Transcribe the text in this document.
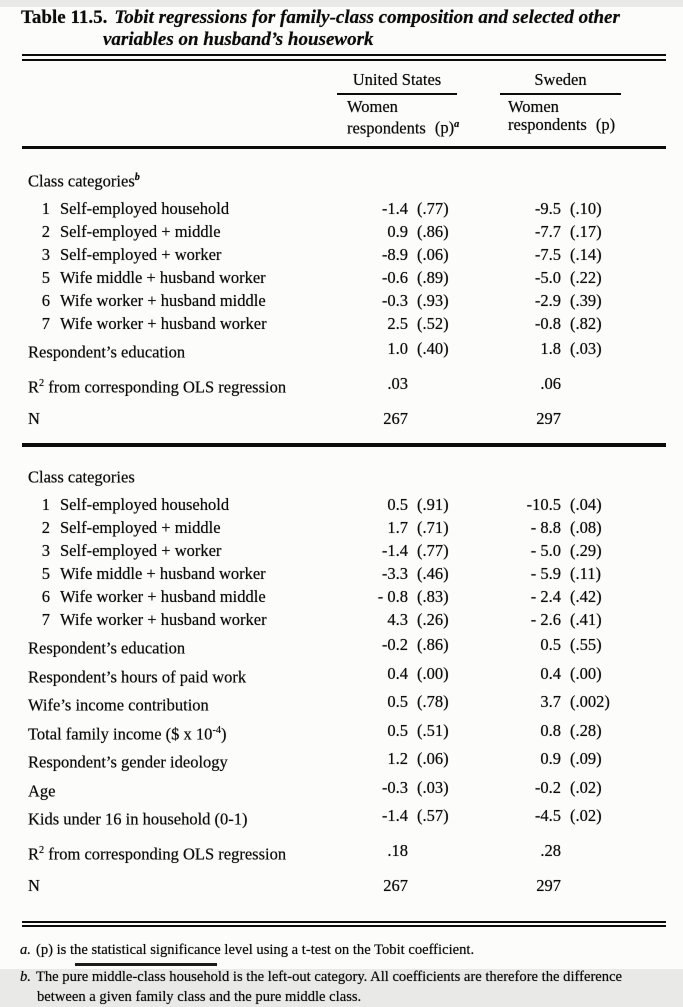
Table 11.5. Tobit regressions for family-class composition and selected other
variables on husband’s housework
United States
Women
respondents $(p)^a$
Sweden
Women
respondents (p)
Class categories$^b$
1 Self-employed household	-1.4 (.77)	-9.5 (.10)
2 Self-employed + middle	0.9 (.86)	-7.7 (.17)
3 Self-employed + worker	-8.9 (.06)	-7.5 (.14)
5 Wife middle + husband worker	-0.6 (.89)	-5.0 (.22)
6 Wife worker + husband middle	-0.3 (.93)	-2.9 (.39)
7 Wife worker + husband worker	2.5 (.52)	-0.8 (.82)
Respondent’s education	1.0 (.40)	1.8 (.03)
$R^2$ from corresponding OLS regression	.03	.06
N	267	297
Class categories
1 Self-employed household	0.5 (.91)	-10.5 (.04)
2 Self-employed + middle	1.7 (.71)	- 8.8 (.08)
3 Self-employed + worker	-1.4 (.77)	- 5.0 (.29)
5 Wife middle + husband worker	-3.3 (.46)	- 5.9 (.11)
6 Wife worker + husband middle	- 0.8 (.83)	- 2.4 (.42)
7 Wife worker + husband worker	4.3 (.26)	- 2.6 (.41)
Respondent’s education	-0.2 (.86)	0.5 (.55)
Respondent’s hours of paid work	0.4 (.00)	0.4 (.00)
Wife’s income contribution	0.5 (.78)	3.7 (.002)
Total family income ($ x $10^{-4}$)	0.5 (.51)	0.8 (.28)
Respondent’s gender ideology	1.2 (.06)	0.9 (.09)
Age	-0.3 (.03)	-0.2 (.02)
Kids under 16 in household (0-1)	-1.4 (.57)	-4.5 (.02)
$R^2$ from corresponding OLS regression	.18	.28
N	267	297
a. (p) is the statistical significance level using a t-test on the Tobit coefficient.
b. The pure middle-class household is the left-out category. All coefficients are therefore the difference between a given family class and the pure middle class.
